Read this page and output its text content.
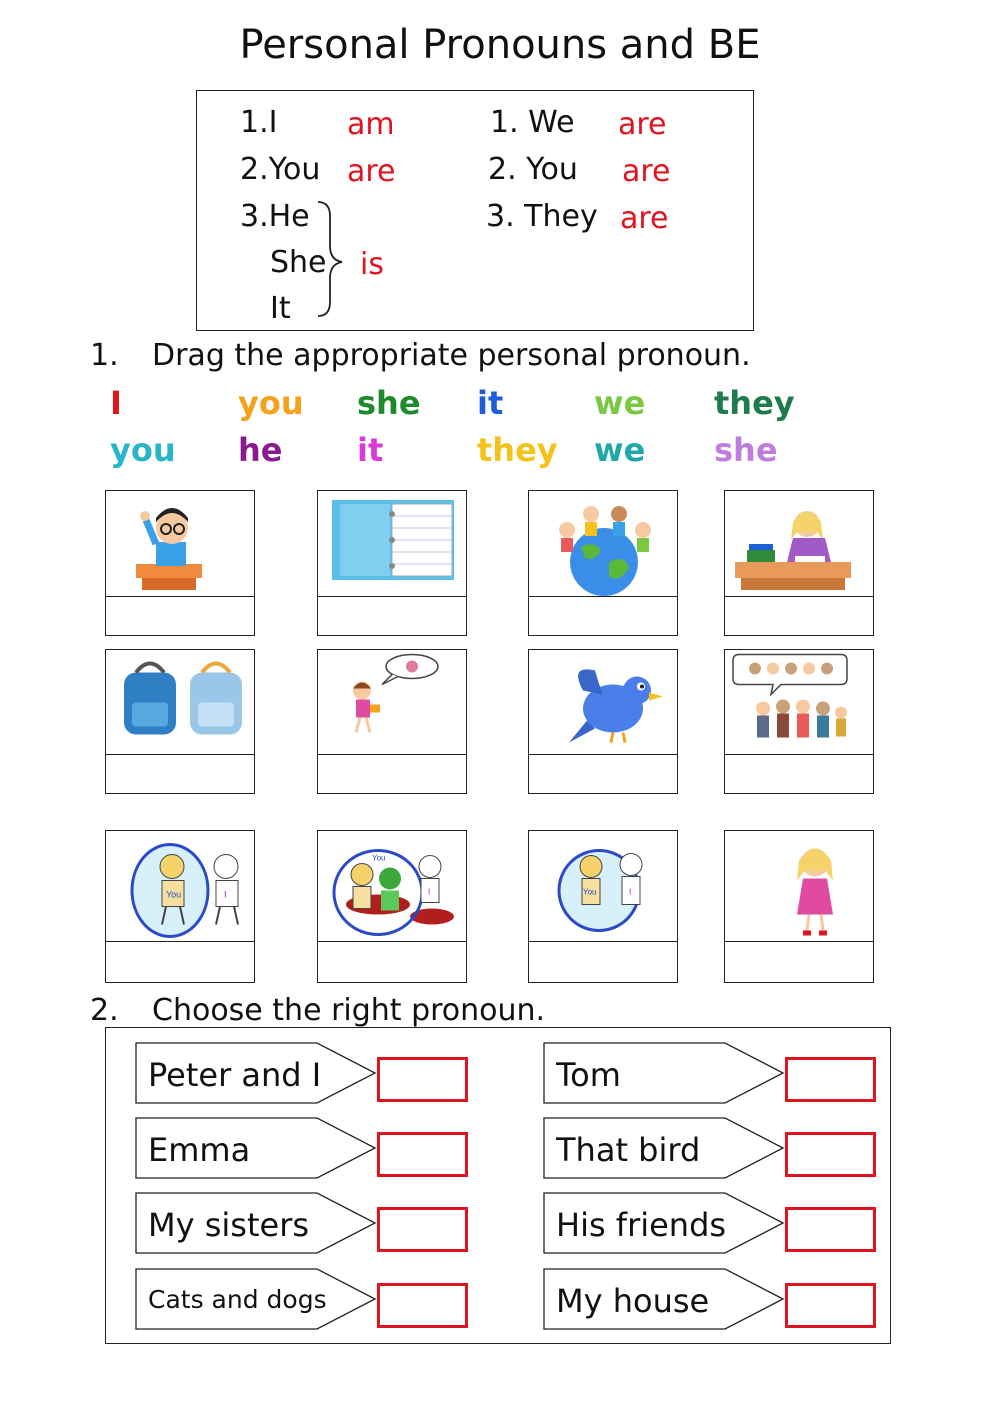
Personal Pronouns and BE
1.I am
2.You are
3.He
She is
It
1. We are
2. You are
3. They are
1. Drag the appropriate personal pronoun.
I	you she it	we they
you he it	they we she
You	I
You
I	You	I
2. Choose the right pronoun.
Peter and I	Tom
Emma	That bird
My sisters	His friends
Cats and dogs	My house
